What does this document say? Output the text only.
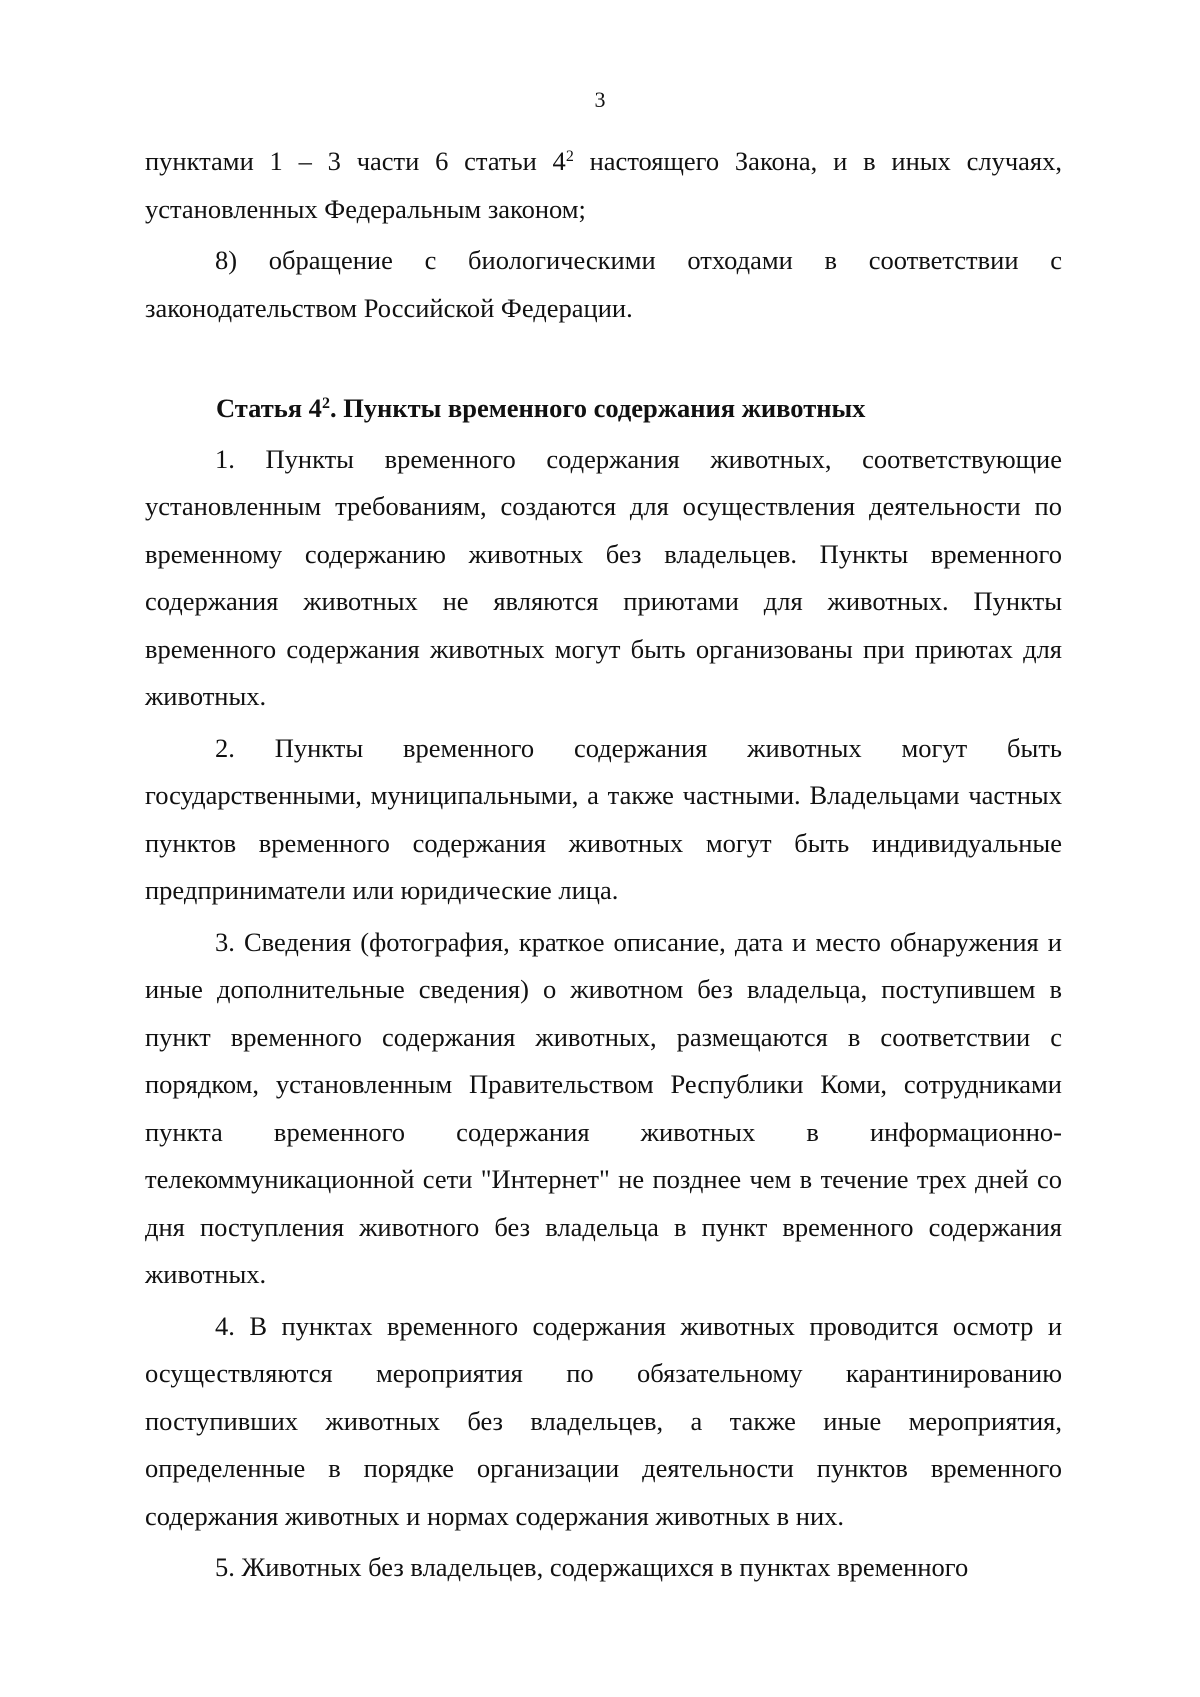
3

пунктами 1 – 3 части 6 статьи $4^2$ настоящего Закона, и в иных случаях, установленных Федеральным законом;

8) обращение с биологическими отходами в соответствии с законодательством Российской Федерации.

Статья $4^2$. Пункты временного содержания животных

1. Пункты временного содержания животных, соответствующие установленным требованиям, создаются для осуществления деятельности по временному содержанию животных без владельцев. Пункты временного содержания животных не являются приютами для животных. Пункты временного содержания животных могут быть организованы при приютах для животных.

2. Пункты временного содержания животных могут быть государственными, муниципальными, а также частными. Владельцами частных пунктов временного содержания животных могут быть индивидуальные предприниматели или юридические лица.

3. Сведения (фотография, краткое описание, дата и место обнаружения и иные дополнительные сведения) о животном без владельца, поступившем в пункт временного содержания животных, размещаются в соответствии с порядком, установленным Правительством Республики Коми, сотрудниками пункта временного содержания животных в информационно-телекоммуникационной сети "Интернет" не позднее чем в течение трех дней со дня поступления животного без владельца в пункт временного содержания животных.

4. В пунктах временного содержания животных проводится осмотр и осуществляются мероприятия по обязательному карантинированию поступивших животных без владельцев, а также иные мероприятия, определенные в порядке организации деятельности пунктов временного содержания животных и нормах содержания животных в них.

5. Животных без владельцев, содержащихся в пунктах временного
